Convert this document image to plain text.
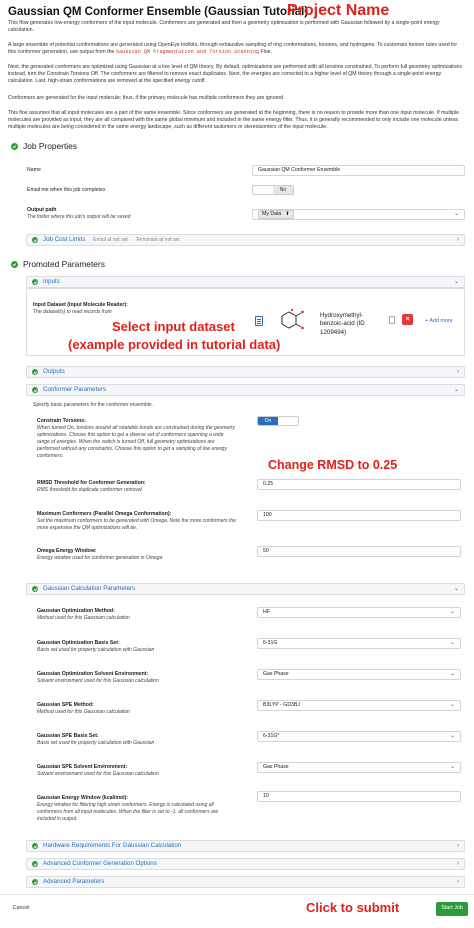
Gaussian QM Conformer Ensemble (Gaussian Tutorial)
Project Name
This flow generates low-energy conformers of the input molecule. Conformers are generated and then a geometry optimization is performed with Gaussian followed by a single-point energy calculation.
A large ensemble of potential conformations are generated using OpenEye toolkits, through exhaustive sampling of ring conformations, torsions, and hydrogens. To customize torsion rules used for this conformer generation, use output from the Gaussian QM Fragmentation and Torsion Scanning Floe.
Next, the generated conformers are optimized using Gaussian at a low level of QM theory. By default, optimizations are performed with all torsions constrained. To perform full geometry optimizations instead, turn the Constrain Torsions Off. The conformers are filtered to remove exact duplicates. Next, the energies are corrected to a higher level of QM theory through a single-point energy calculation. Last, high-strain conformations are removed at the specified energy cutoff.
Conformers are generated for the input molecule; thus, if the primary molecule has multiple conformers they are ignored.
This floe assumes that all input molecules are a part of the same ensemble. Since conformers are generated at the beginning, there is no reason to provide more than one input molecule. If multiple molecules are provided as input, they are all compared with the same global minimum and included in the same energy filter. Thus, it is generally recommended to only include one molecule unless multiple molecules are being considered in the same energy landscape, such as different tautomers or stereoisomers of the input molecule.
Job Properties
Name	Gaussian QM Conformer Ensemble
Email me when this job completes	No
Output path
The folder where this job's output will be saved	My Data ⬆	⌄
Job Cost Limits Email at not set Terminate at not set	›
Promoted Parameters
Inputs	⌄
Input Dataset (Input Molecule Reader):
The dataset(s) to read records from	Hydroxymethyl-benzoic-acid (ID 1209494)
×	+ Add more
Select input dataset
(example provided in tutorial data)
Outputs	›
Conformer Parameters	⌄
Specify basic parameters for the conformer ensemble.
Constrain Torsions:
When turned On, torsions around all rotatable bonds are constrained during the geometry optimizations. Choose this option to get a diverse set of conformers spanning a wide range of energies. When the switch is turned Off, full geometry optimizations are performed without any constraints. Choose this option to get a sampling of low energy conformers.
On
Change RMSD to 0.25
RMSD Threshold for Conformer Generation:
RMS threshold for duplicate conformer removal
0.25
Maximum Conformers (Parallel Omega Conformation):
Set the maximum conformers to be generated with Omega. Note the more conformers the more expensive the QM optimizations will be.
100
Omega Energy Window:
Energy window used for conformer generation in Omega
50
Gaussian Calculation Parameters	⌄
Gaussian Optimization Method:
Method used for this Gaussian calculation
HF	⌄
Gaussian Optimization Basis Set:
Basis set used for property calculation with Gaussian
6-31G	⌄
Gaussian Optimization Solvent Environment:
Solvent environment used for this Gaussian calculation
Gas Phase	⌄
Gaussian SPE Method:
Method used for this Gaussian calculation
B3LYP - GD3BJ	⌄
Gaussian SPE Basis Set:
Basis set used for property calculation with Gaussian
6-31G*	⌄
Gaussian SPE Solvent Environment:
Solvent environment used for this Gaussian calculation
Gas Phase	⌄
Gaussian Energy Window (kcal/mol):
Energy window for filtering high strain conformers. Energy is calculated using all conformers from all input molecules. When the filter is set to -1, all conformers are included in output.
10
Hardware Requirements For Gaussian Calculation	›
Advanced Conformer Generation Options	›
Advanced Parameters	›
Cancel	Click to submit	Start Job
